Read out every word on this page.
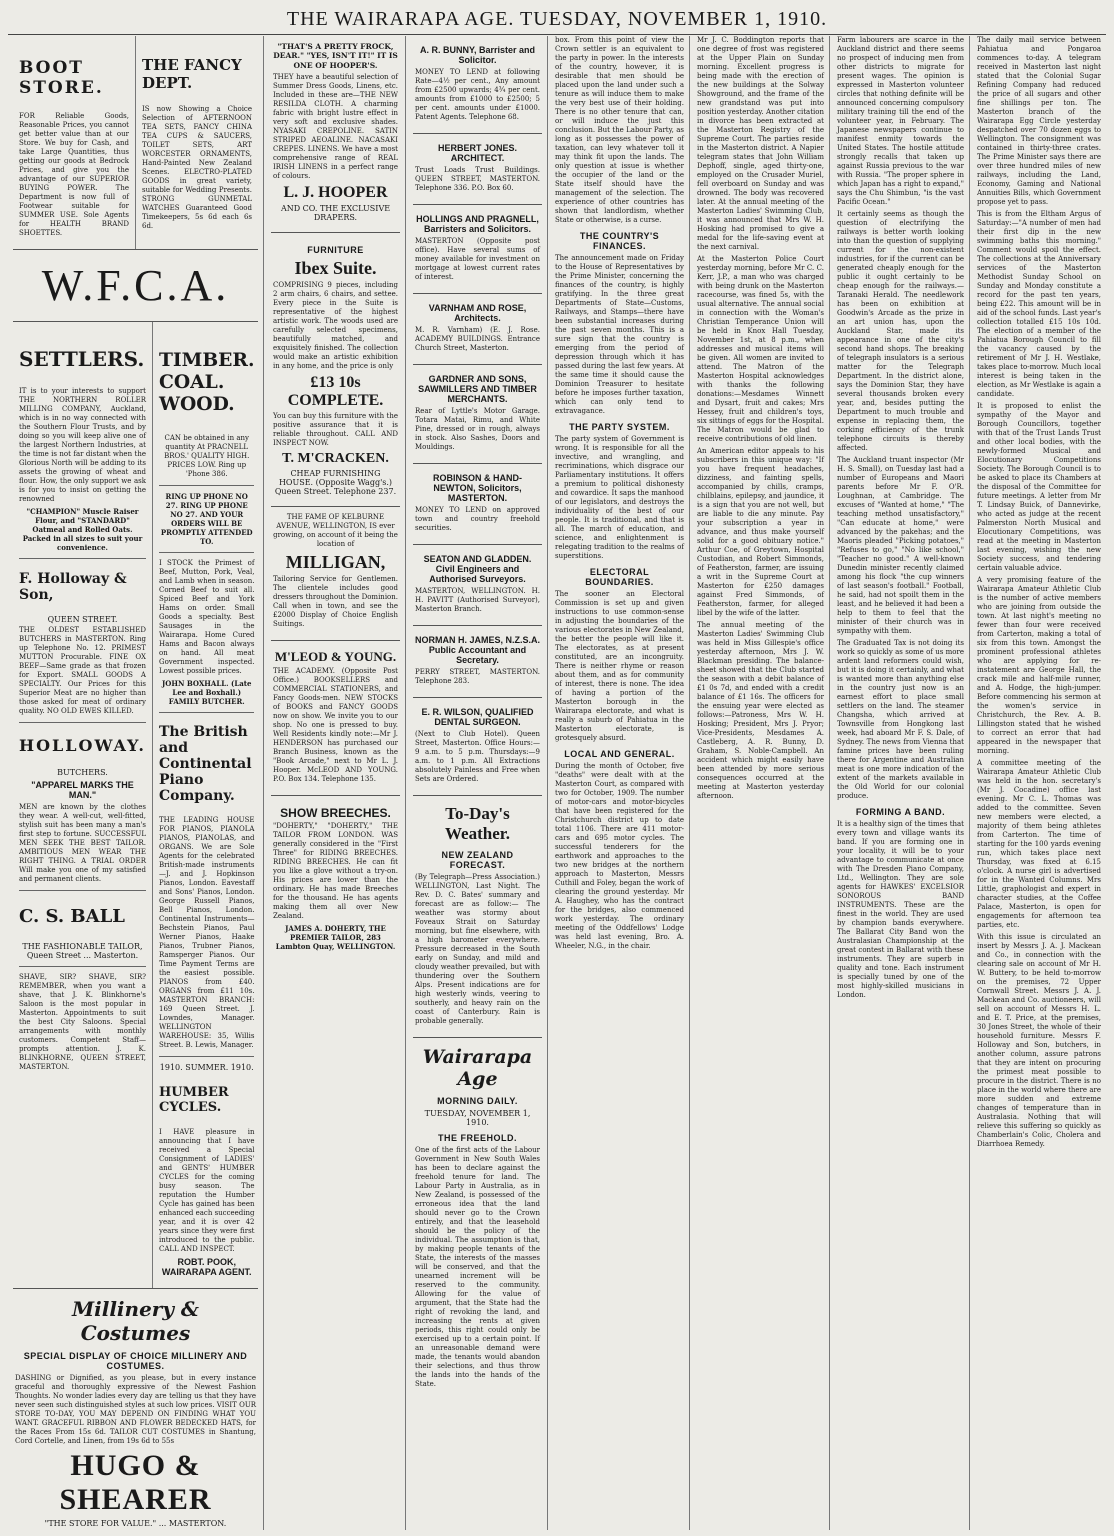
THE WAIRARAPA AGE. TUESDAY, NOVEMBER 1, 1910.
BOOT STORE.

FOR Reliable Goods, Reasonable Prices, you cannot get better value than at our Store. We buy for Cash, and take Large Quantities, thus getting our goods at Bedrock Prices, and give you the advantage of our SUPERIOR BUYING POWER. The Department is now full of Footwear suitable for SUMMER USE. Sole Agents for HEALTH BRAND SHOETTES.

THE FANCY DEPT.

IS now Showing a Choice Selection of AFTERNOON TEA SETS, FANCY CHINA TEA CUPS & SAUCERS, TOILET SETS, ART WORCESTER ORNAMENTS, Hand-Painted New Zealand Scenes. ELECTRO-PLATED GOODS in great variety, suitable for Wedding Presents. STRONG GUNMETAL WATCHES Guaranteed Good Timekeepers, 5s 6d each 6s 6d.

W.F.C.A.
SETTLERS.

IT is to your interests to support THE NORTHERN ROLLER MILLING COMPANY, Auckland, which is in no way connected with the Southern Flour Trusts, and by doing so you will keep alive one of the largest Northern Industries, at the time is not far distant when the Glorious North will be adding to its assets the growing of wheat and flour. How, the only support we ask is for you to insist on getting the renowned

"CHAMPION" Muscle Raiser Flour, and "STANDARD" Oatmeal and Rolled Oats. Packed in all sizes to suit your convenience.

F. Holloway & Son,
QUEEN STREET.

THE OLDEST ESTABLISHED BUTCHERS in MASTERTON. Ring up Telephone No. 12. PRIMEST MUTTON Procurable. FINE OX BEEF—Same grade as that frozen for Export. SMALL GOODS A SPECIALTY. Our Prices for this Superior Meat are no higher than those asked for meat of ordinary quality. NO OLD EWES KILLED.

HOLLOWAY.
BUTCHERS.
"APPAREL MARKS THE MAN."

MEN are known by the clothes they wear. A well-cut, well-fitted, stylish suit has been many a man's first step to fortune. SUCCESSFUL MEN SEEK THE BEST TAILOR. AMBITIOUS MEN WEAR THE RIGHT THING. A TRIAL ORDER Will make you one of my satisfied and permanent clients.

C. S. BALL
THE FASHIONABLE TAILOR, Queen Street ... Masterton.

SHAVE, SIR? SHAVE, SIR? REMEMBER, when you want a shave, that J. K. Blinkhorne's Saloon is the most popular in Masterton. Appointments to suit the best City Saloons. Special arrangements with monthly customers. Competent Staff—prompts attention. J. K. BLINKHORNE, QUEEN STREET, MASTERTON.

TIMBER. COAL. WOOD.

CAN be obtained in any quantity At PRACNELL BROS.' QUALITY HIGH. PRICES LOW. Ring up 'Phone 386.

RING UP PHONE NO 27. RING UP PHONE NO 27. AND YOUR ORDERS WILL BE PROMPTLY ATTENDED TO.

I STOCK the Primest of Beef, Mutton, Pork, Veal, and Lamb when in season. Corned Beef to suit all. Spiced Beef and York Hams on order. Small Goods a specialty. Best Sausages in the Wairarapa. Home Cured Hams and Bacon always on hand. All meat Government inspected. Lowest possible prices.

JOHN BOXHALL. (Late Lee and Boxhall.) FAMILY BUTCHER.

The British and Continental Piano Company.

THE LEADING HOUSE FOR PIANOS, PIANOLA PIANOS, PIANOLAS, and ORGANS. We are Sole Agents for the celebrated British-made instruments—J. and J. Hopkinson Pianos, London. Eavestaff and Sons' Pianos, London. George Russell Pianos, Bell Pianos, London. Continental Instruments—Bechstein Pianos, Paul Werner Pianos, Haake Pianos, Trubner Pianos, Ramsperger Pianos. Our Time Payment Terms are the easiest possible. PIANOS from £40. ORGANS from £11 10s. MASTERTON BRANCH: 169 Queen Street. J. Lowndes, Manager. WELLINGTON WAREHOUSE: 35, Willis Street. B. Lewis, Manager.

1910. SUMMER. 1910.
HUMBER CYCLES.

I HAVE pleasure in announcing that I have received a Special Consignment of LADIES' and GENTS' HUMBER CYCLES for the coming busy season. The reputation the Humber Cycle has gained has been enhanced each succeeding year, and it is over 42 years since they were first introduced to the public. CALL AND INSPECT.

ROBT. POOK, WAIRARAPA AGENT.
Millinery & Costumes
SPECIAL DISPLAY OF CHOICE MILLINERY AND COSTUMES.

DASHING or Dignified, as you please, but in every instance graceful and thoroughly expressive of the Newest Fashion Thoughts. No wonder ladies every day are telling us that they have never seen such distinguished styles at such low prices. VISIT OUR STORE TO-DAY, YOU MAY DEPEND ON FINDING WHAT YOU WANT. GRACEFUL RIBBON AND FLOWER BEDECKED HATS, for the Races From 15s 6d. TAILOR CUT COSTUMES in Shantung, Cord Cortelle, and Linen, from 19s 6d to 55s

HUGO & SHEARER
"THE STORE FOR VALUE." ... MASTERTON.

"THAT'S A PRETTY FROCK, DEAR." "YES, ISN'T IT!" IT IS ONE OF HOOPER'S.

THEY have a beautiful selection of Summer Dress Goods, Linens, etc. Included in these are—THE NEW RESILDA CLOTH. A charming fabric with bright lustre effect in very soft and exclusive shades. NYASAKI CREPOLINE. SATIN STRIPED AEOALINE. NACASAKI CREPES. LINENS. We have a most comprehensive range of REAL IRISH LINENS in a perfect range of colours.

L. J. HOOPER
AND CO. THE EXCLUSIVE DRAPERS.
FURNITURE
Ibex Suite.

COMPRISING 9 pieces, including 2 arm chairs, 6 chairs, and settee. Every piece in the Suite is representative of the highest artistic work. The woods used are carefully selected specimens, beautifully matched, and exquisitely finished. The collection would make an artistic exhibition in any home, and the price is only

£13 10s COMPLETE.

You can buy this furniture with the positive assurance that it is reliable throughout. CALL AND INSPECT NOW.

T. M'CRACKEN.
CHEAP FURNISHING HOUSE. (Opposite Wagg's.) Queen Street. Telephone 237.

THE FAME OF KELBURNE AVENUE, WELLINGTON, IS ever growing, on account of it being the location of

MILLIGAN,

Tailoring Service for Gentlemen. The clientele includes good dressers throughout the Dominion. Call when in town, and see the £2000 Display of Choice English Suitings.

M'LEOD & YOUNG.

THE ACADEMY. (Opposite Post Office.) BOOKSELLERS and COMMERCIAL STATIONERS, and Fancy Goods-men. NEW STOCKS of BOOKS and FANCY GOODS now on show. We invite you to our shop. No one is pressed to buy. Well Residents kindly note:—Mr J. HENDERSON has purchased our Branch Business, known as the "Book Arcade," next to Mr L. J. Hooper. McLEOD AND YOUNG. P.O. Box 134. Telephone 135.

SHOW BREECHES.

"DOHERTY," "DOHERTY," THE TAILOR FROM LONDON. WAS generally considered in the "First Three" for RIDING BREECHES. RIDING BREECHES. He can fit you like a glove without a try-on. His prices are lower than the ordinary. He has made Breeches for the thousand. He has agents making them all over New Zealand.

JAMES A. DOHERTY, THE PREMIER TAILOR, 283 Lambton Quay, WELLINGTON.

A. R. BUNNY, Barrister and Solicitor.

MONEY TO LEND at following Rate—4½ per cent., Any amount from £2500 upwards; 4¾ per cent. amounts from £1000 to £2500; 5 per cent. amounts under £1000. Patent Agents. Telephone 68.

HERBERT JONES. ARCHITECT.

Trust Loads Trust Buildings. QUEEN STREET, MASTERTON. Telephone 336. P.O. Box 60.

HOLLINGS AND PRAGNELL, Barristers and Solicitors.

MASTERTON (Opposite post office). Have several sums of money available for investment on mortgage at lowest current rates of interest.

VARNHAM AND ROSE, Architects.

M. R. Varnham) (E. J. Rose. ACADEMY BUILDINGS. Entrance Church Street, Masterton.

GARDNER AND SONS, SAWMILLERS AND TIMBER MERCHANTS.

Rear of Lyttle's Motor Garage. Totara Matai, Rimu, and White Pine, dressed or in rough, always in stock. Also Sashes, Doors and Mouldings.

ROBINSON & HAND-NEWTON, Solicitors, MASTERTON.

MONEY TO LEND on approved town and country freehold securities.

SEATON AND GLADDEN. Civil Engineers and Authorised Surveyors.

MASTERTON, WELLINGTON. H. H. PAVITT (Authorised Surveyor), Masterton Branch.

NORMAN H. JAMES, N.Z.S.A. Public Accountant and Secretary.

PERRY STREET, MASTERTON. Telephone 283.

E. R. WILSON, QUALIFIED DENTAL SURGEON.

(Next to Club Hotel). Queen Street, Masterton. Office Hours:—9 a.m. to 5 p.m. Thursdays:—9 a.m. to 1 p.m. All Extractions absolutely Painless and Free when Sets are Ordered.

To-Day's Weather.
NEW ZEALAND FORECAST.

(By Telegraph—Press Association.) WELLINGTON, Last Night. The Rev. D. C. Bates' summary and forecast are as follow:— The weather was stormy about Foveaux Strait on Saturday morning, but fine elsewhere, with a high barometer everywhere. Pressure decreased in the South early on Sunday, and mild and cloudy weather prevailed, but with thundering over the Southern Alps. Present indications are for high westerly winds, veering to southerly, and heavy rain on the coast of Canterbury. Rain is probable generally.

Wairarapa Age
MORNING DAILY.
TUESDAY, NOVEMBER 1, 1910.
THE FREEHOLD.

One of the first acts of the Labour Government in New South Wales has been to declare against the freehold tenure for land. The Labour Party in Australia, as in New Zealand, is possessed of the erroneous idea that the land should never go to the Crown entirely, and that the leasehold should be the policy of the individual. The assumption is that, by making people tenants of the State, the interests of the masses will be conserved, and that the unearned increment will be reserved to the community. Allowing for the value of argument, that the State had the right of revoking the land, and increasing the rents at given periods, this right could only be exercised up to a certain point. If an unreasonable demand were made, the tenants would abandon their selections, and thus throw the lands into the hands of the State.

box. From this point of view the Crown settler is an equivalent to the party in power. In the interests of the country, however, it is desirable that men should be placed upon the land under such a tenure as will induce them to make the very best use of their holding. There is no other tenure that can, or will induce the just this conclusion. But the Labour Party, as long as it possesses the power of taxation, can levy whatever toll it may think fit upon the lands. The only question at issue is whether the occupier of the land or the State itself should have the management of the selection. The experience of other countries has shown that landlordism, whether State or otherwise, is a curse.

THE COUNTRY'S FINANCES.

The announcement made on Friday to the House of Representatives by the Prime Minister, concerning the finances of the country, is highly gratifying. In the three great Departments of State—Customs, Railways, and Stamps—there have been substantial increases during the past seven months. This is a sure sign that the country is emerging from the period of depression through which it has passed during the last few years. At the same time it should cause the Dominion Treasurer to hesitate before he imposes further taxation, which can only tend to extravagance.

THE PARTY SYSTEM.

The party system of Government is wrong. It is responsible for all the invective, and wrangling, and recriminations, which disgrace our Parliamentary institutions. It offers a premium to political dishonesty and cowardice. It saps the manhood of our legislators, and destroys the individuality of the best of our people. It is traditional, and that is all. The march of education, and science, and enlightenment is relegating tradition to the realms of superstitions.

ELECTORAL BOUNDARIES.

The sooner an Electoral Commission is set up and given instructions to use common-sense in adjusting the boundaries of the various electorates in New Zealand, the better the people will like it. The electorates, as at present constituted, are an incongruity. There is neither rhyme or reason about them, and as for community of interest, there is none. The idea of having a portion of the Masterton borough in the Wairarapa electorate, and what is really a suburb of Pahiatua in the Masterton electorate, is grotesquely absurd.

LOCAL AND GENERAL.

During the month of October, five "deaths" were dealt with at the Masterton Court, as compared with two for October, 1909. The number of motor-cars and motor-bicycles that have been registered for the Christchurch district up to date total 1106. There are 411 motor-cars and 695 motor cycles. The successful tenderers for the earthwork and approaches to the two new bridges at the northern approach to Masterton, Messrs Cuthill and Foley, began the work of clearing the ground yesterday. Mr A. Haughey, who has the contract for the bridges, also commenced work yesterday. The ordinary meeting of the Oddfellows' Lodge was held last evening, Bro. A. Wheeler, N.G., in the chair.

Mr J. C. Boddington reports that one degree of frost was registered at the Upper Plain on Sunday morning. Excellent progress is being made with the erection of the new buildings at the Solway Showground, and the frame of the new grandstand was put into position yesterday. Another citation in divorce has been extracted at the Masterton Registry of the Supreme Court. The parties reside in the Masterton district. A Napier telegram states that John William Dephoff, single, aged thirty-one, employed on the Crusader Muriel, fell overboard on Sunday and was drowned. The body was recovered later. At the annual meeting of the Masterton Ladies' Swimming Club, it was announced that Mrs W. H. Hosking had promised to give a medal for the life-saving event at the next carnival.

At the Masterton Police Court yesterday morning, before Mr C. C. Kerr, J.P., a man who was charged with being drunk on the Masterton racecourse, was fined 5s, with the usual alternative. The annual social in connection with the Woman's Christian Temperance Union will be held in Knox Hall Tuesday, November 1st, at 8 p.m., when addresses and musical items will be given. All women are invited to attend. The Matron of the Masterton Hospital acknowledges with thanks the following donations:—Mesdames Winnett and Dysart, fruit and cakes; Mrs Hessey, fruit and children's toys, six sittings of eggs for the Hospital. The Matron would be glad to receive contributions of old linen.

An American editor appeals to his subscribers in this unique way: "If you have frequent headaches, dizziness, and fainting spells, accompanied by chills, cramps, chilblains, epilepsy, and jaundice, it is a sign that you are not well, but are liable to die any minute. Pay your subscription a year in advance, and thus make yourself solid for a good obituary notice." Arthur Coe, of Greytown, Hospital Custodian, and Robert Simmonds, of Featherston, farmer, are issuing a writ in the Supreme Court at Masterton for £250 damages against Fred Simmonds, of Featherston, farmer, for alleged libel by the wife of the latter.

The annual meeting of the Masterton Ladies' Swimming Club was held in Miss Gillespie's office yesterday afternoon, Mrs J. W. Blackman presiding. The balance-sheet showed that the Club started the season with a debit balance of £1 0s 7d, and ended with a credit balance of £1 16s. The officers for the ensuing year were elected as follows:—Patroness, Mrs W. H. Hosking; President, Mrs J. Pryor; Vice-Presidents, Mesdames A. Castleberg, A. R. Bunny, D. Graham, S. Noble-Campbell. An accident which might easily have been attended by more serious consequences occurred at the meeting at Masterton yesterday afternoon.

Farm labourers are scarce in the Auckland district and there seems no prospect of inducing men from other districts to migrate for present wages. The opinion is expressed in Masterton volunteer circles that nothing definite will be announced concerning compulsory military training till the end of the volunteer year, in February. The Japanese newspapers continue to manifest enmity towards the United States. The hostile attitude strongly recalls that taken up against Russia previous to the war with Russia. "The proper sphere in which Japan has a right to expand," says the Chu Shimbun, "is the vast Pacific Ocean."

It certainly seems as though the question of electrifying the railways is better worth looking into than the question of supplying current for the non-existent industries, for if the current can be generated cheaply enough for the public it ought certainly to be cheap enough for the railways.—Taranaki Herald. The needlework has been on exhibition at Goodwin's Arcade as the prize in an art union has, upon the Auckland Star, made its appearance in one of the city's second hand shops. The breaking of telegraph insulators is a serious matter for the Telegraph Department. In the district alone, says the Dominion Star, they have several thousands broken every year, and, besides putting the Department to much trouble and expense in replacing them, the corking efficiency of the trunk telephone circuits is thereby affected.

The Auckland truant inspector (Mr H. S. Small), on Tuesday last had a number of Europeans and Maori parents before Mr F. O'R. Loughnan, at Cambridge. The excuses of "Wanted at home," "The teaching method unsatisfactory," "Can educate at home," were advanced by the pakehas; and the Maoris pleaded "Picking potatoes," "Refuses to go," "No like school," "Teacher no good." A well-known Dunedin minister recently claimed among his flock "the cup winners of last season's football." Football, he said, had not spoilt them in the least, and he believed it had been a help to them to feel that the minister of their church was in sympathy with them.

The Graduated Tax is not doing its work so quickly as some of us more ardent land reformers could wish, but it is doing it certainly, and what is wanted more than anything else in the country just now is an earnest effort to place small settlers on the land. The steamer Changsha, which arrived at Townsville from Hongkong last week, had aboard Mr F. S. Dale, of Sydney. The news from Vienna that famine prices have been ruling there for Argentine and Australian meat is one more indication of the extent of the markets available in the Old World for our colonial produce.

FORMING A BAND.

It is a healthy sign of the times that every town and village wants its band. If you are forming one in your locality, it will be to your advantage to communicate at once with The Dresden Piano Company, Ltd., Wellington. They are sole agents for HAWKES' EXCELSIOR SONOROUS BAND INSTRUMENTS. These are the finest in the world. They are used by champion bands everywhere. The Ballarat City Band won the Australasian Championship at the great contest in Ballarat with these instruments. They are superb in quality and tone. Each instrument is specially tuned by one of the most highly-skilled musicians in London.

The daily mail service between Pahiatua and Pongaroa commences to-day. A telegram received in Masterton last night stated that the Colonial Sugar Refining Company had reduced the price of all sugars and other fine shillings per ton. The Masterton branch of the Wairarapa Egg Circle yesterday despatched over 70 dozen eggs to Wellington. The consignment was contained in thirty-three crates. The Prime Minister says there are over three hundred miles of new railways, including the Land, Economy, Gaming and National Annuities Bills, which Government propose yet to pass.

This is from the Eltham Argus of Saturday:—"A number of men had their first dip in the new swimming baths this morning." Comment would spoil the effect. The collections at the Anniversary services of the Masterton Methodist Sunday School on Sunday and Monday constitute a record for the past ten years, being £22. This amount will be in aid of the school funds. Last year's collection totalled £15 10s 10d. The election of a member of the Pahiatua Borough Council to fill the vacancy caused by the retirement of Mr J. H. Westlake, takes place to-morrow. Much local interest is being taken in the election, as Mr Westlake is again a candidate.

It is proposed to enlist the sympathy of the Mayor and Borough Councillors, together with that of the Trust Lands Trust and other local bodies, with the newly-formed Musical and Elocutionary Competitions Society. The Borough Council is to be asked to place its Chambers at the disposal of the Committee for future meetings. A letter from Mr T. Lindsay Buick, of Dannevirke, who acted as judge at the recent Palmerston North Musical and Elocutionary Competitions, was read at the meeting in Masterton last evening, wishing the new Society success, and tendering certain valuable advice.

A very promising feature of the Wairarapa Amateur Athletic Club is the number of active members who are joining from outside the town. At last night's meeting no fewer than four were received from Carterton, making a total of six from this town. Amongst the prominent professional athletes who are applying for re-instatement are George Hall, the crack mile and half-mile runner, and A. Hodge, the high-jumper. Before commencing his sermon at the women's service in Christchurch, the Rev. A. B. Lillingston stated that he wished to correct an error that had appeared in the newspaper that morning.

A committee meeting of the Wairarapa Amateur Athletic Club was held in the hon. secretary's (Mr J. Cocadine) office last evening. Mr C. L. Thomas was added to the committee. Seven new members were elected, a majority of them being athletes from Carterton. The time of starting for the 100 yards evening run, which takes place next Thursday, was fixed at 6.15 o'clock. A nurse girl is advertised for in the Wanted Columns. Mrs Little, graphologist and expert in character studies, at the Coffee Palace, Masterton, is open for engagements for afternoon tea parties, etc.

With this issue is circulated an insert by Messrs J. A. J. Mackean and Co., in connection with the clearing sale on account of Mr H. W. Buttery, to be held to-morrow on the premises, 72 Upper Cornwall Street. Messrs J. A. J. Mackean and Co. auctioneers, will sell on account of Messrs H. L. and E. T. Price, at the premises, 30 Jones Street, the whole of their household furniture. Messrs F. Holloway and Son, butchers, in another column, assure patrons that they are intent on procuring the primest meat possible to procure in the district. There is no place in the world where there are more sudden and extreme changes of temperature than in Australasia. Nothing that will relieve this suffering so quickly as Chamberlain's Colic, Cholera and Diarrhoea Remedy.
